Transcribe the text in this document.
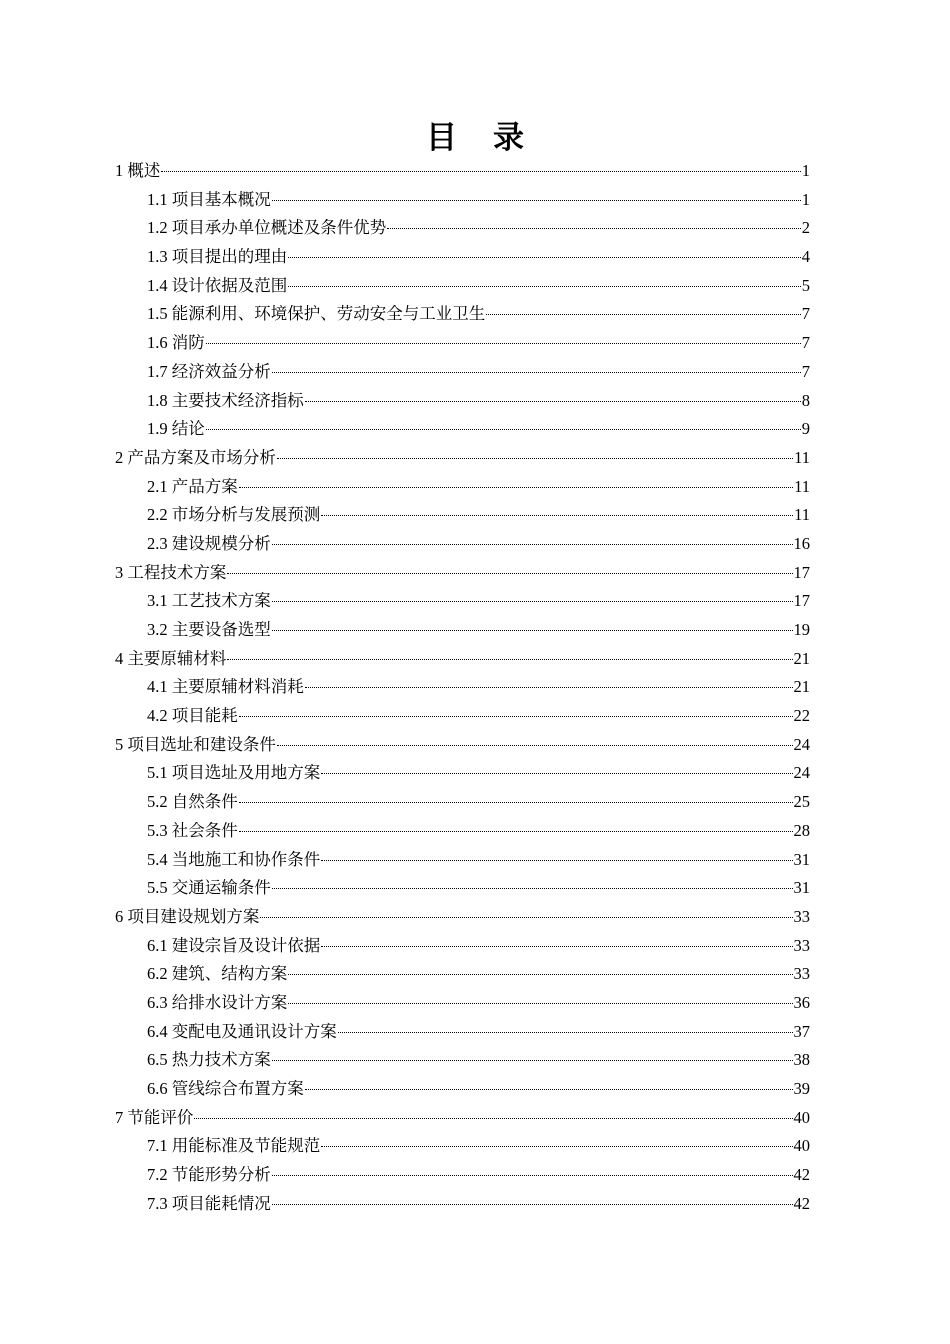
目 录
1 概述	1
1.1 项目基本概况	1
1.2 项目承办单位概述及条件优势	2
1.3 项目提出的理由	4
1.4 设计依据及范围	5
1.5 能源利用、环境保护、劳动安全与工业卫生	7
1.6 消防	7
1.7 经济效益分析	7
1.8 主要技术经济指标	8
1.9 结论	9
2 产品方案及市场分析	11
2.1 产品方案	11
2.2 市场分析与发展预测	11
2.3 建设规模分析	16
3 工程技术方案	17
3.1 工艺技术方案	17
3.2 主要设备选型	19
4 主要原辅材料	21
4.1 主要原辅材料消耗	21
4.2 项目能耗	22
5 项目选址和建设条件	24
5.1 项目选址及用地方案	24
5.2 自然条件	25
5.3 社会条件	28
5.4 当地施工和协作条件	31
5.5 交通运输条件	31
6 项目建设规划方案	33
6.1 建设宗旨及设计依据	33
6.2 建筑、结构方案	33
6.3 给排水设计方案	36
6.4 变配电及通讯设计方案	37
6.5 热力技术方案	38
6.6 管线综合布置方案	39
7 节能评价	40
7.1 用能标准及节能规范	40
7.2 节能形势分析	42
7.3 项目能耗情况	42
